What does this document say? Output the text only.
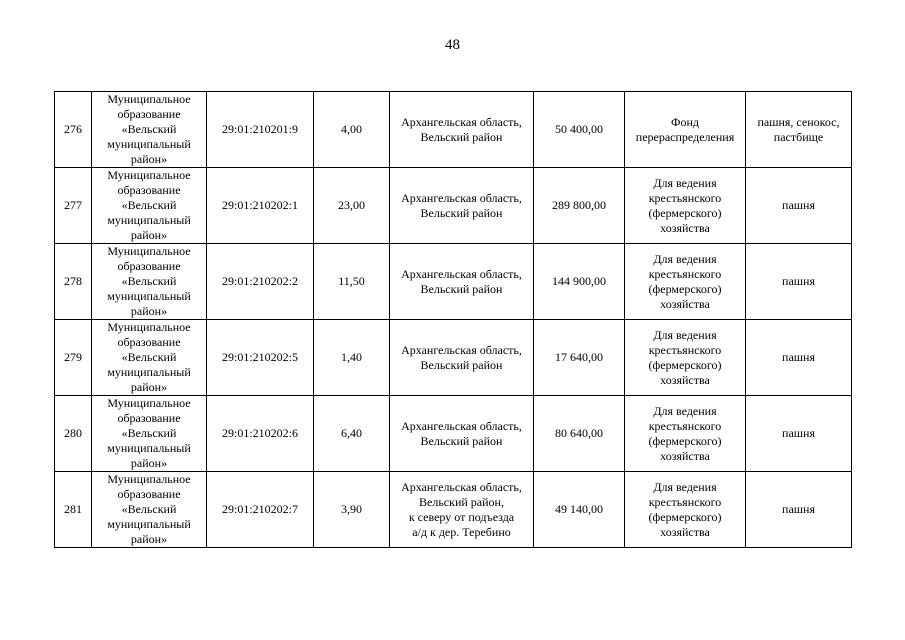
48
276	Муниципальное
образование
«Вельский
муниципальный
район»	29:01:210201:9	4,00	Архангельская область,
Вельский район	50 400,00	Фонд
перераспределения	пашня, сенокос,
пастбище

277	Муниципальное
образование
«Вельский
муниципальный
район»	29:01:210202:1	23,00	Архангельская область,
Вельский район	289 800,00	Для ведения
крестьянского
(фермерского)
хозяйства	пашня

278	Муниципальное
образование
«Вельский
муниципальный
район»	29:01:210202:2	11,50	Архангельская область,
Вельский район	144 900,00	Для ведения
крестьянского
(фермерского)
хозяйства	пашня

279	Муниципальное
образование
«Вельский
муниципальный
район»	29:01:210202:5	1,40	Архангельская область,
Вельский район	17 640,00	Для ведения
крестьянского
(фермерского)
хозяйства	пашня

280	Муниципальное
образование
«Вельский
муниципальный
район»	29:01:210202:6	6,40	Архангельская область,
Вельский район	80 640,00	Для ведения
крестьянского
(фермерского)
хозяйства	пашня

281	Муниципальное
образование
«Вельский
муниципальный
район»	29:01:210202:7	3,90	Архангельская область,
Вельский район,
к северу от подъезда
а/д к дер. Теребино	49 140,00	Для ведения
крестьянского
(фермерского)
хозяйства	пашня
